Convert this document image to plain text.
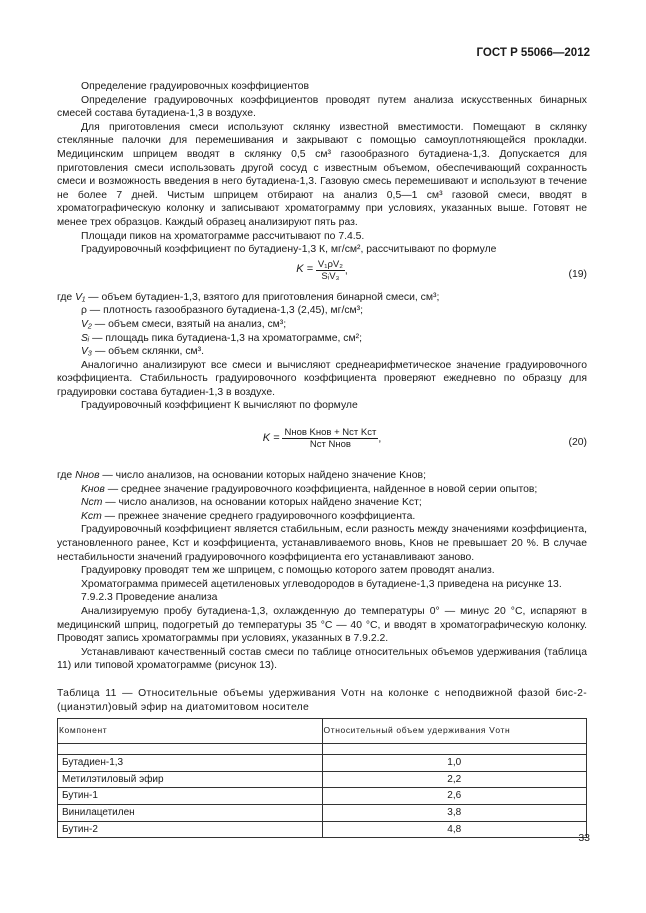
ГОСТ Р 55066—2012

Определение градуировочных коэффициентов

Определение градуировочных коэффициентов проводят путем анализа искусственных бинарных смесей состава бутадиена-1,3 в воздухе.

Для приготовления смеси используют склянку известной вместимости. Помещают в склянку стеклянные палочки для перемешивания и закрывают с помощью самоуплотняющейся прокладки. Медицинским шприцем вводят в склянку 0,5 см³ газообразного бутадиена-1,3. Допускается для приготовления смеси использовать другой сосуд с известным объемом, обеспечивающий сохранность смеси и возможность введения в него бутадиена-1,3. Газовую смесь перемешивают и используют в течение не более 7 дней. Чистым шприцем отбирают на анализ 0,5—1 см³ газовой смеси, вводят в хроматографическую колонку и записывают хроматограмму при условиях, указанных выше. Готовят не менее трех образцов. Каждый образец анализируют пять раз.

Площади пиков на хроматограмме рассчитывают по 7.4.5.

Градуировочный коэффициент по бутадиену-1,3 К, мг/см², рассчитывают по формуле

$K = \frac{\text{V₁ρV₂}}{\text{SᵢV₃}}$ ,	(19)
где V₁ — объем бутадиен-1,3, взятого для приготовления бинарной смеси, см³;
ρ — плотность газообразного бутадиена-1,3 (2,45), мг/см³;
V₂ — объем смеси, взятый на анализ, см³;
Sᵢ — площадь пика бутадиена-1,3 на хроматограмме, см²;
V₃ — объем склянки, см³.

Аналогично анализируют все смеси и вычисляют среднеарифметическое значение градуировочного коэффициента. Стабильность градуировочного коэффициента проверяют ежедневно по образцу для градуировки состава бутадиен-1,3 в воздухе.

Градуировочный коэффициент К вычисляют по формуле

$K = \frac{\text{Nнов Kнов + Nст Kст}}{\text{Nст Nнов}}$ ,	(20)
где Nнов — число анализов, на основании которых найдено значение Kнов;
Kнов — среднее значение градуировочного коэффициента, найденное в новой серии опытов;
Nст — число анализов, на основании которых найдено значение Kст;
Kст — прежнее значение среднего градуировочного коэффициента.

Градуировочный коэффициент является стабильным, если разность между значениями коэффициента, установленного ранее, Kст и коэффициента, устанавливаемого вновь, Kнов не превышает 20 %. В случае нестабильности значений градуировочного коэффициента его устанавливают заново.

Градуировку проводят тем же шприцем, с помощью которого затем проводят анализ.

Хроматограмма примесей ацетиленовых углеводородов в бутадиене-1,3 приведена на рисунке 13.

7.9.2.3 Проведение анализа

Анализируемую пробу бутадиена-1,3, охлажденную до температуры 0° — минус 20 °С, испаряют в медицинский шприц, подогретый до температуры 35 °С — 40 °С, и вводят в хроматографическую колонку. Проводят запись хроматограммы при условиях, указанных в 7.9.2.2.

Устанавливают качественный состав смеси по таблице относительных объемов удерживания (таблица 11) или типовой хроматограмме (рисунок 13).

Таблица 11 — Относительные объемы удерживания Vотн на колонке с неподвижной фазой бис-2-(цианэтил)овый эфир на диатомитовом носителе

Компонент	Относительный объем удерживания Vотн

Бутадиен-1,3	1,0
Метилэтиловый эфир	2,2
Бутин-1	2,6
Винилацетилен	3,8
Бутин-2	4,8
33
